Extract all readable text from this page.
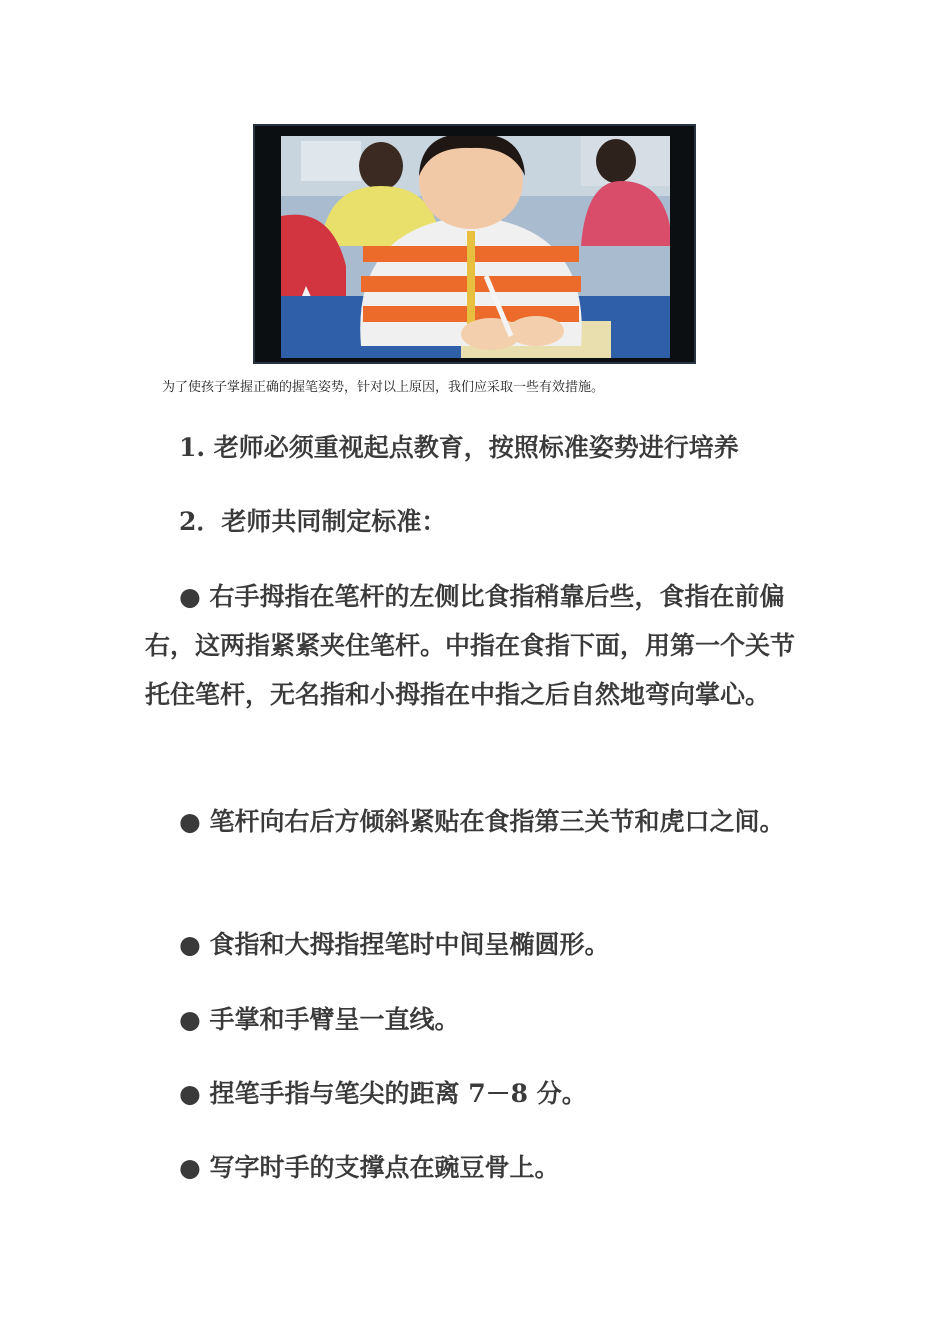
为了使孩子掌握正确的握笔姿势，针对以上原因，我们应采取一些有效措施。

1. 老师必须重视起点教育，按照标准姿势进行培养

2．老师共同制定标准：

● 右手拇指在笔杆的左侧比食指稍靠后些，食指在前偏右，这两指紧紧夹住笔杆。中指在食指下面，用第一个关节托住笔杆，无名指和小拇指在中指之后自然地弯向掌心。

● 笔杆向右后方倾斜紧贴在食指第三关节和虎口之间。

● 食指和大拇指捏笔时中间呈椭圆形。

● 手掌和手臂呈一直线。

● 捏笔手指与笔尖的距离 7－8 分。

● 写字时手的支撑点在豌豆骨上。
